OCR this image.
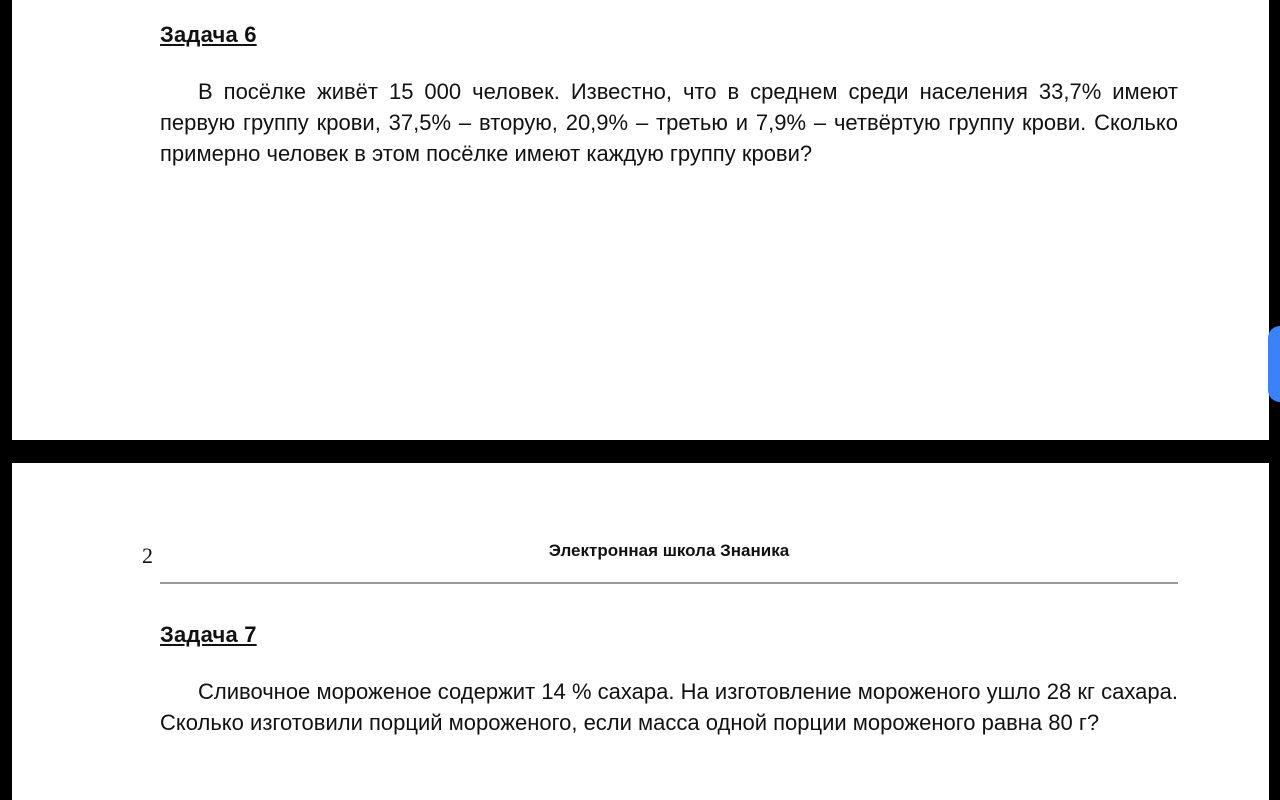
Задача 6

В посёлке живёт 15 000 человек. Известно, что в среднем среди населения 33,7% имеют первую группу крови, 37,5% – вторую, 20,9% – третью и 7,9% – четвёртую группу крови. Сколько примерно человек в этом посёлке имеют каждую группу крови?

2	Электронная школа Знаника
Задача 7

Сливочное мороженое содержит 14 % сахара. На изготовление мороженого ушло 28 кг сахара. Сколько изготовили порций мороженого, если масса одной порции мороженого равна 80 г?
